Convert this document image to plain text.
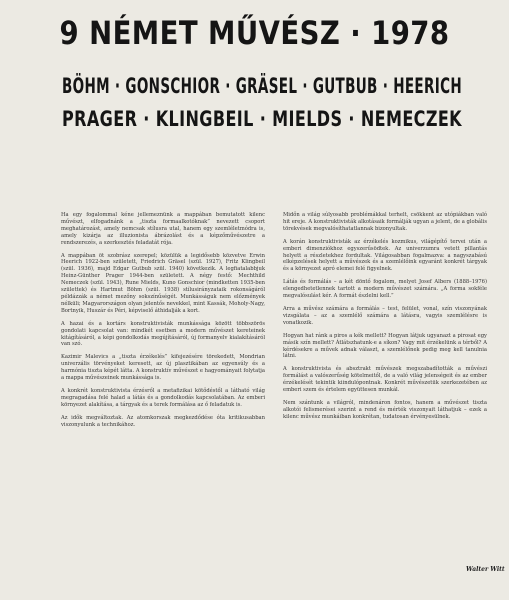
9 NÉMET MŰVÉSZ · 1978
BÖHM · GONSCHIOR · GRÄSEL · GUTBUB · HEERICH
PRAGER · KLINGBEIL · MIELDS · NEMECZEK

Ha egy fogalommal kéne jellemeznünk a mappában bemutatott kilenc művészt, elfogadnánk a „tiszta formaalkotóknak” nevezett csoport meghatározást, amely nemcsak stílusra utal, hanem egy szemléletmódra is, amely kizárja az illuzionista ábrázolást és a képzőművészetre a rendszerezés, a szerkesztés feladatát rója.

A mappában öt szobrász szerepel; közülük a legidősebb közvetve Erwin Heerich 1922-ben született, Friedrich Gräsel (szül. 1927), Fritz Klingbeil (szül. 1936), majd Edgar Gutbub szül. 1940) következik. A legfiatalabbjuk Heinz-Günther Prager 1944-ben született. A négy festő: Mechthild Nemeczek (szül. 1943), Rune Mields, Kuno Gonschior (mindketten 1935-ben születtek) és Hartmut Böhm (szül. 1938) stílusirányzataik rokonságáról példázzák a német mezőny sokszínűségét. Munkásságuk nem előzmények nélküli; Magyarországon olyan jelentős nevekkel, mint Kassák, Moholy-Nagy, Bortnyik, Huszár és Péri, képviselő áthidalják a kort.

A hazai és a kortárs konstruktivisták munkássága között többszörös gondolati kapcsolat van: mindkét esetben a modern művészet kereteinek kitágításáról, a képi gondolkodás megújításáról, új formanyelv kialakításáról van szó.

Kazimir Malevics a „tiszta érzékelés” kifejezésére törekedett, Mondrian univerzális törvényeket keresett, az új plasztikában az egyensúly és a harmónia tiszta képét látta. A konstruktív művészet e hagyományait folytatja a mappa művészeinek munkássága is.

A konkrét konstruktivista érzésről a metafizikai kötődéstől a látható világ megragadása felé halad a látás és a gondolkodás kapcsolatában. Az emberi környezet alakítása, a tárgyak és a terek formálása az ő feladatuk is.

Az idők megváltoztak. Az atomkorszak megkezdődése óta kritikusabban viszonyulunk a technikához.

Midőn a világ súlyosabb problémákkal terhelt, csökkent az utópiákban való hit ereje. A konstruktivisták alkotásaik formálják ugyan a jelent, de a globális törekvések megvalósíthatatlannak bizonyultak.

A korán konstruktivisták az érzékelés kozmikus, világépítő tervei után a emberi dimenziókhoz egyszerűsödtek. Az univerzumra vetett pillantás helyett a részletekhez fordultak. Világosabban fogalmazva: a nagyszabású elképzelések helyett a művészek és a szemlélőink egyaránt konkrét tárgyak és a környezet apró elemei felé figyelnek.

Látás és formálás – a két döntő fogalom, melyet Josef Albers (1888–1976) elengedhetetlennek tartott a modern művészet számára. „A forma sokféle megvalósulást kér. A formát észlelni kell.”

Arra a művész számára a formálás – test, felület, vonal, szín viszonyának vizsgálata – az a szemlélő számára a látásra, vagyis szemlélésre is vonatkozik.

Hogyan hat ránk a piros a kék mellett? Hogyan látjuk ugyanazt a pirosat egy másik szín mellett? Átlátszhatunk-e a síkon? Vagy mit érzékelünk a térből? A kérdésekre a művek adnak választ, a szemlélőnek pedig meg kell tanulnia látni.

A konstruktivista és absztrakt művészek megszabadították a művészi formálást a valószerűség kötelmeitől, de a való világ jelenségeit és az ember érzékelését tekintik kiindulópontnak. Konkrét művészetük szerkezetében az emberi szem és értelem együttesen munkál.

Nem szántunk a világról, mindenáron fontos, hanem a művészet tiszta alkotói felismerései szerint a rend és mérték viszonyait láthatjuk – ezek a kilenc művész munkáiban konkrétan, tudatosan érvényesülnek.

Walter Witt
